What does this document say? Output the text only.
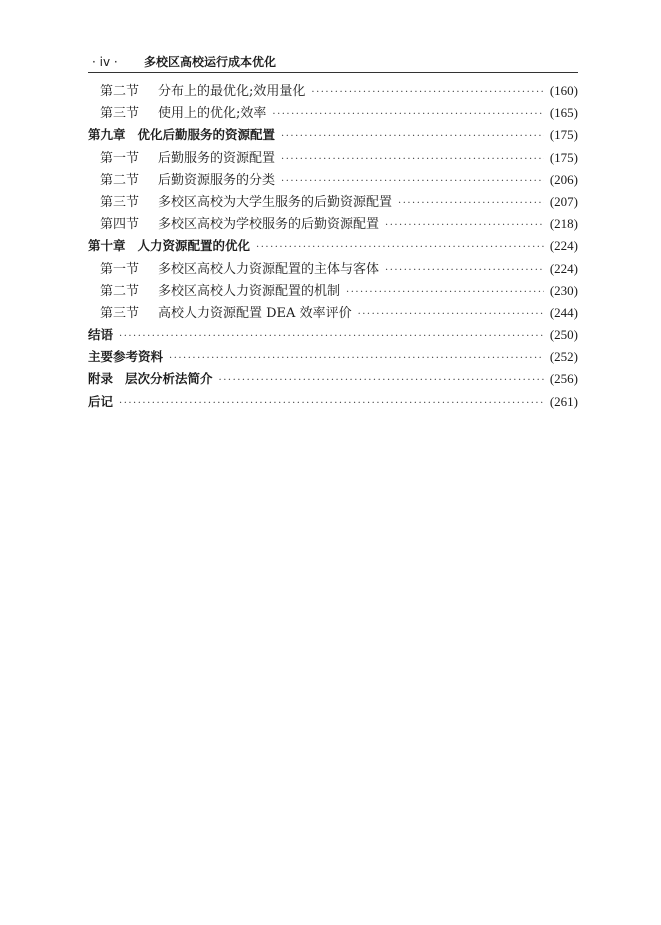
· iv ·	多校区高校运行成本优化
第二节 分布上的最优化;效用量化 ·····	(160)
第三节 使用上的优化;效率 ·····	(165)
第九章 优化后勤服务的资源配置 ·····	(175)
第一节 后勤服务的资源配置 ·····	(175)
第二节 后勤资源服务的分类 ·····	(206)
第三节 多校区高校为大学生服务的后勤资源配置 ·····	(207)
第四节 多校区高校为学校服务的后勤资源配置 ·····	(218)
第十章 人力资源配置的优化 ·····	(224)
第一节 多校区高校人力资源配置的主体与客体 ·····	(224)
第二节 多校区高校人力资源配置的机制 ·····	(230)
第三节 高校人力资源配置 DEA 效率评价 ·····	(244)
结语 ·····	(250)
主要参考资料 ·····	(252)
附录 层次分析法简介 ·····	(256)
后记 ·····	(261)
